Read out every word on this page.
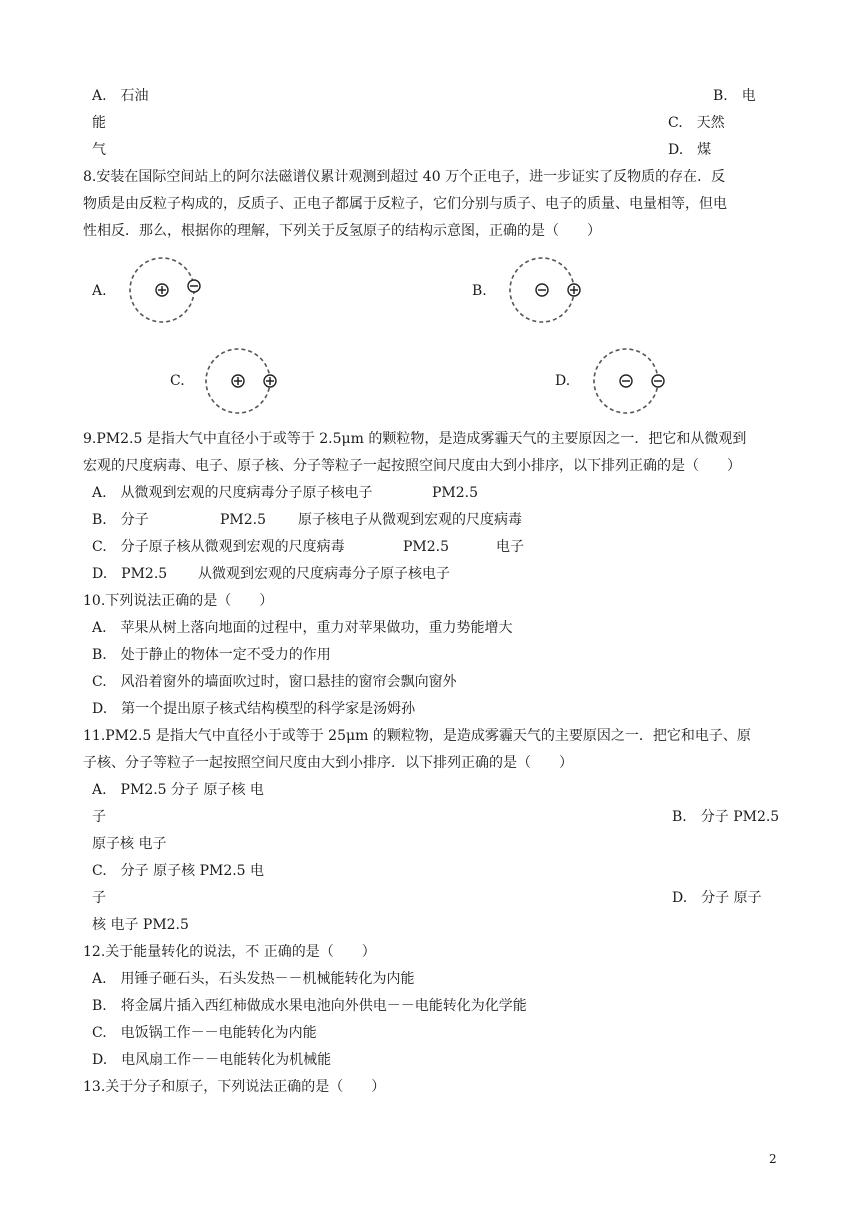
A.　石油	B.　电
能	C.　天然
气	D.　煤
8.安装在国际空间站上的阿尔法磁谱仪累计观测到超过 40 万个正电子，进一步证实了反物质的存在．反
物质是由反粒子构成的，反质子、正电子都属于反粒子，它们分别与质子、电子的质量、电量相等，但电
性相反．那么，根据你的理解，下列关于反氢原子的结构示意图，正确的是（　　）
A.	B.
C.	D.
9.PM2.5 是指大气中直径小于或等于 2.5μm 的颗粒物，是造成雾霾天气的主要原因之一．把它和从微观到
宏观的尺度病毒、电子、原子核、分子等粒子一起按照空间尺度由大到小排序，以下排列正确的是（　　）
A.　从微观到宏观的尺度病毒分子原子核电子	PM2.5
B.　分子	PM2.5 原子核电子从微观到宏观的尺度病毒
C.　分子原子核从微观到宏观的尺度病毒	PM2.5	电子
D.　PM2.5 从微观到宏观的尺度病毒分子原子核电子
10.下列说法正确的是（　　）
A.　苹果从树上落向地面的过程中，重力对苹果做功，重力势能增大
B.　处于静止的物体一定不受力的作用
C.　风沿着窗外的墙面吹过时，窗口悬挂的窗帘会飘向窗外
D.　第一个提出原子核式结构模型的科学家是汤姆孙
11.PM2.5 是指大气中直径小于或等于 25μm 的颗粒物，是造成雾霾天气的主要原因之一．把它和电子、原
子核、分子等粒子一起按照空间尺度由大到小排序．以下排列正确的是（　　）
A.　PM2.5 分子 原子核 电
子	B.　分子 PM2.5
原子核 电子
C.　分子 原子核 PM2.5 电
子	D.　分子 原子
核 电子 PM2.5
12.关于能量转化的说法，不 正确的是（　　）
A.　用锤子砸石头，石头发热－－机械能转化为内能
B.　将金属片插入西红柿做成水果电池向外供电－－电能转化为化学能
C.　电饭锅工作－－电能转化为内能
D.　电风扇工作－－电能转化为机械能
13.关于分子和原子，下列说法正确的是（　　）
2
